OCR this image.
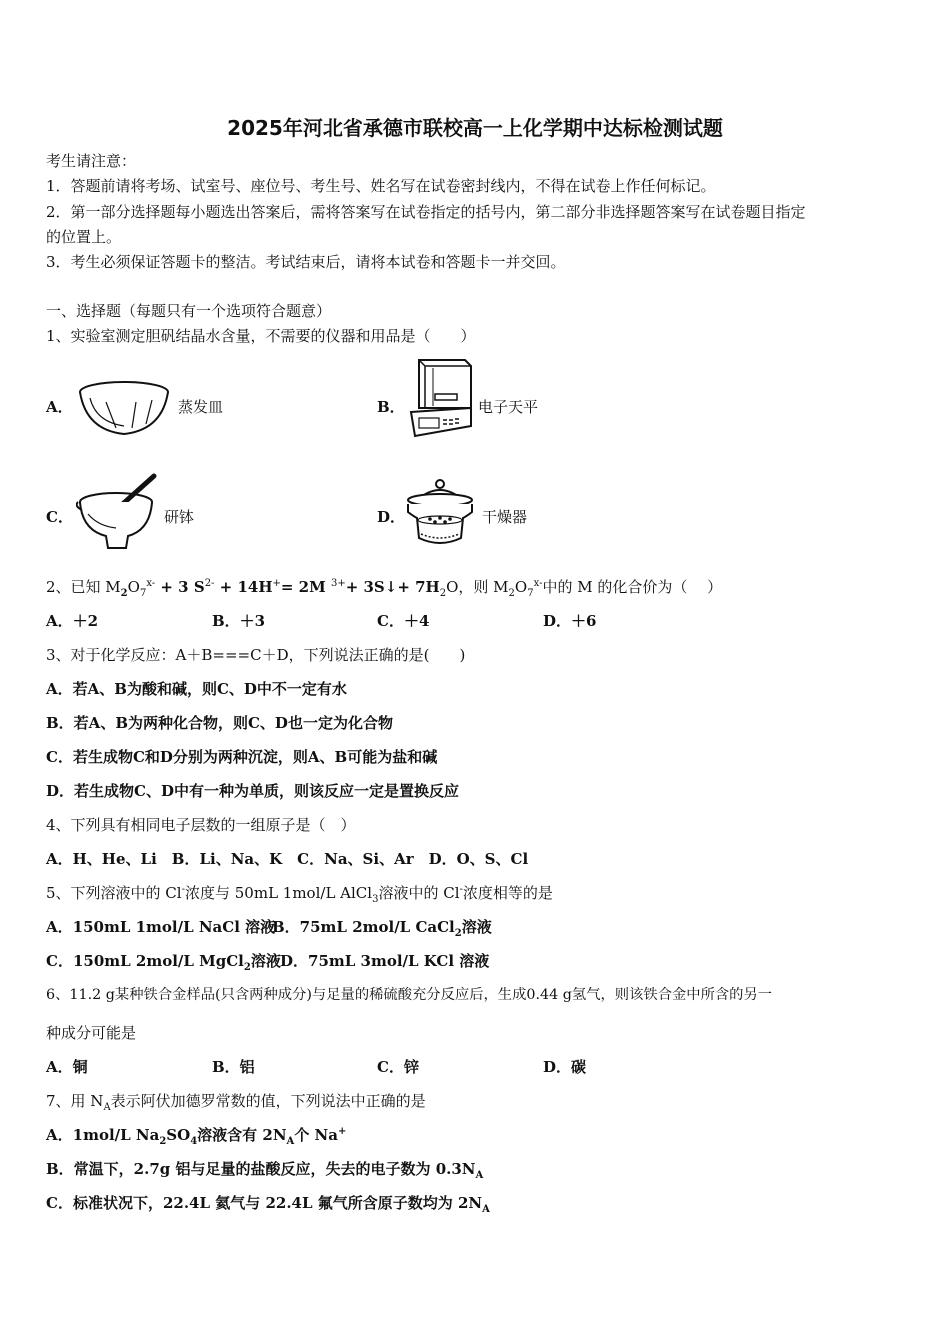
2025年河北省承德市联校高一上化学期中达标检测试题
考生请注意：
1．答题前请将考场、试室号、座位号、考生号、姓名写在试卷密封线内，不得在试卷上作任何标记。
2．第一部分选择题每小题选出答案后，需将答案写在试卷指定的括号内，第二部分非选择题答案写在试卷题目指定
的位置上。
3．考生必须保证答题卡的整洁。考试结束后，请将本试卷和答题卡一并交回。
一、选择题（每题只有一个选项符合题意）
1、实验室测定胆矾结晶水含量，不需要的仪器和用品是（　　）
A．	蒸发皿	B．	电子天平
C．	研钵	D．	干燥器
2、已知 $M_2O_7^{x-} + 3$ $S^{2-} + 14H^+= 2M$ $^{3+}$+ 3S↓+ $7H_2O$，则 $M_2O_7^{x-}$中的 M 的化合价为（　 ）
A．＋2	B．＋3	C．＋4	D．＋6
3、对于化学反应：A＋B===C＋D，下列说法正确的是(　　)
A．若A、B为酸和碱，则C、D中不一定有水
B．若A、B为两种化合物，则C、D也一定为化合物
C．若生成物C和D分别为两种沉淀，则A、B可能为盐和碱
D．若生成物C、D中有一种为单质，则该反应一定是置换反应
4、下列具有相同电子层数的一组原子是（　）
A．H、He、Li　B．Li、Na、K　C．Na、Si、Ar　D．O、S、Cl
5、下列溶液中的 Cl-浓度与 50mL 1mol/L AlCl$_3$溶液中的 Cl-浓度相等的是
A．150mL 1mol/L NaCl 溶液
B．75mL 2mol/L CaCl$_2$溶液
C．150mL 2mol/L MgCl$_2$溶液 D．75mL 3mol/L KCl 溶液
6、11.2 g某种铁合金样品(只含两种成分)与足量的稀硫酸充分反应后，生成0.44 g氢气，则该铁合金中所含的另一
种成分可能是
A．铜	B．铝	C．锌	D．碳
7、用 $N_A$表示阿伏加德罗常数的值，下列说法中正确的是
A．1mol/L $Na_2SO_4$溶液含有 $2N_A$个 Na+
B．常温下，2.7g 铝与足量的盐酸反应，失去的电子数为 $0.3N_A$
C．标准状况下，22.4L 氦气与 22.4L 氟气所含原子数均为 $2N_A$
